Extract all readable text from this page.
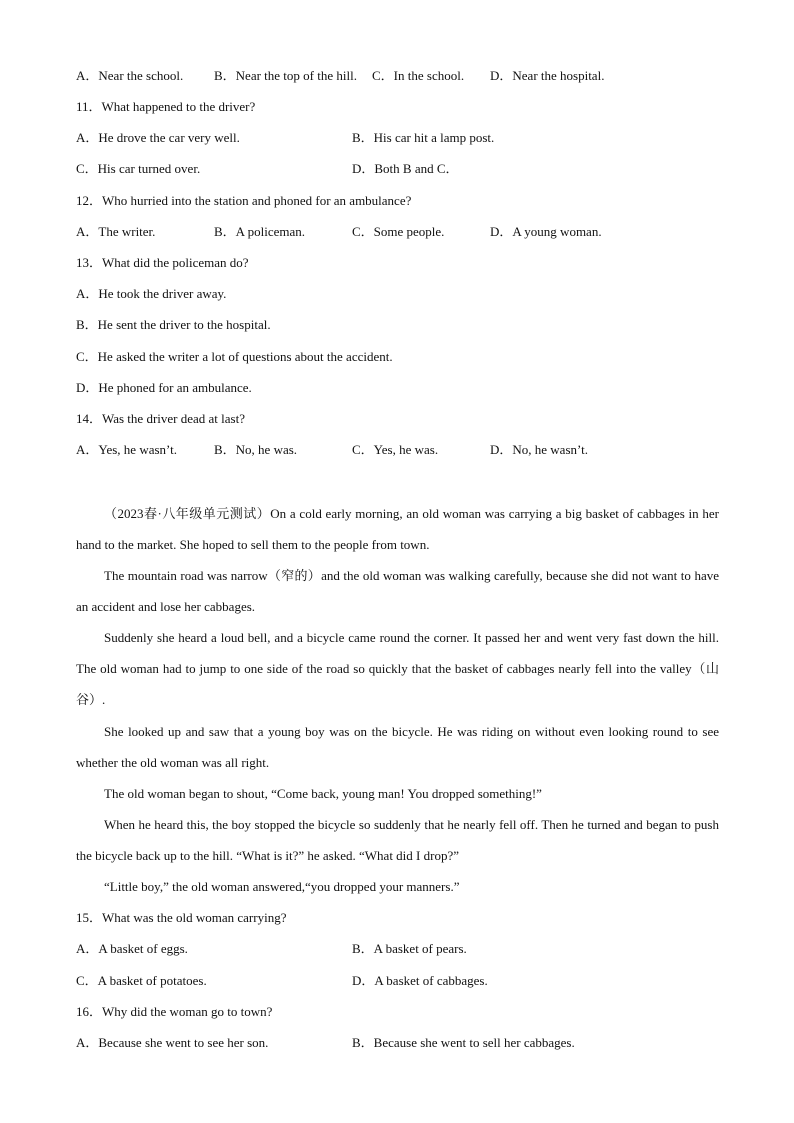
A．Near the school. B．Near the top of the hill. C．In the school. D．Near the hospital.
11．What happened to the driver?
A．He drove the car very well.	B．His car hit a lamp post.
C．His car turned over.	D．Both B and C．
12．Who hurried into the station and phoned for an ambulance?
A．The writer.	B．A policeman.	C．Some people.	D．A young woman.
13．What did the policeman do?
A．He took the driver away.
B．He sent the driver to the hospital.
C．He asked the writer a lot of questions about the accident.
D．He phoned for an ambulance.
14．Was the driver dead at last?
A．Yes, he wasn’t.	B．No, he was.	C．Yes, he was.	D．No, he wasn’t.

（2023春·八年级单元测试）On a cold early morning, an old woman was carrying a big basket of cabbages in her hand to the market. She hoped to sell them to the people from town.

The mountain road was narrow（窄的）and the old woman was walking carefully, because she did not want to have an accident and lose her cabbages.

Suddenly she heard a loud bell, and a bicycle came round the corner. It passed her and went very fast down the hill. The old woman had to jump to one side of the road so quickly that the basket of cabbages nearly fell into the valley（山谷）.

She looked up and saw that a young boy was on the bicycle. He was riding on without even looking round to see whether the old woman was all right.

The old woman began to shout, “Come back, young man! You dropped something!”

When he heard this, the boy stopped the bicycle so suddenly that he nearly fell off. Then he turned and began to push the bicycle back up to the hill. “What is it?” he asked. “What did I drop?”

“Little boy,” the old woman answered,“you dropped your manners.”

15．What was the old woman carrying?
A．A basket of eggs.	B．A basket of pears.
C．A basket of potatoes.	D．A basket of cabbages.
16．Why did the woman go to town?
A．Because she went to see her son.	B．Because she went to sell her cabbages.
